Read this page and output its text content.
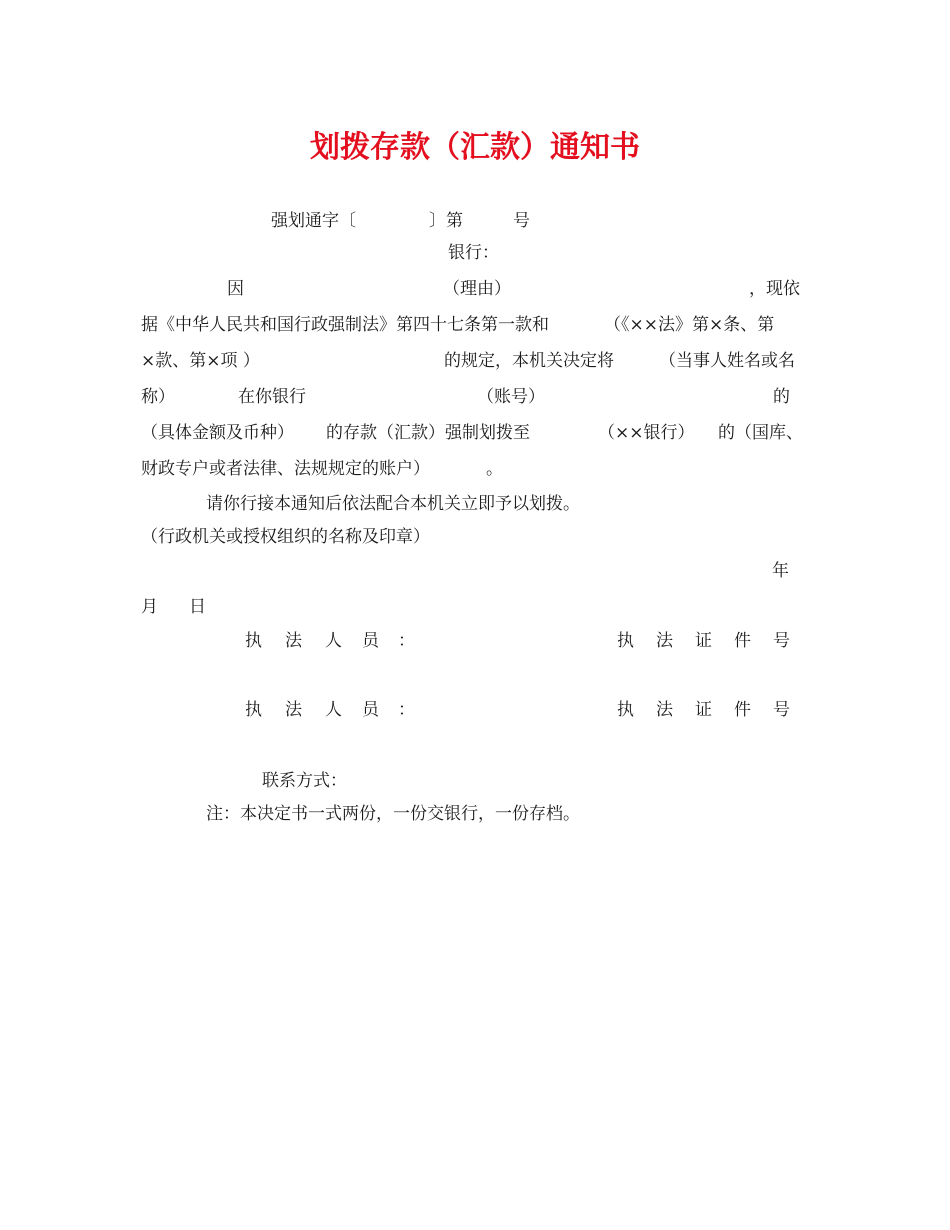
划拨存款（汇款）通知书
强划通字〔	〕第	号
银行：
因	（理由）	，现依
据《中华人民共和国行政强制法》第四十七条第一款和	（《××法》第×条、第
×款、第×项 ）	的规定，本机关决定将	（当事人姓名或名
称）	在你银行	（账号）	的
（具体金额及币种） 的存款（汇款）强制划拨至	（××银行） 的（国库、
财政专户或者法律、法规规定的账户）	。
请你行接本通知后依法配合本机关立即予以划拨。
（行政机关或授权组织的名称及印章）
年
月 日
执 法 人 员 ：	执 法 证 件 号
执 法 人 员 ：	执 法 证 件 号
联系方式：
注：本决定书一式两份，一份交银行，一份存档。
